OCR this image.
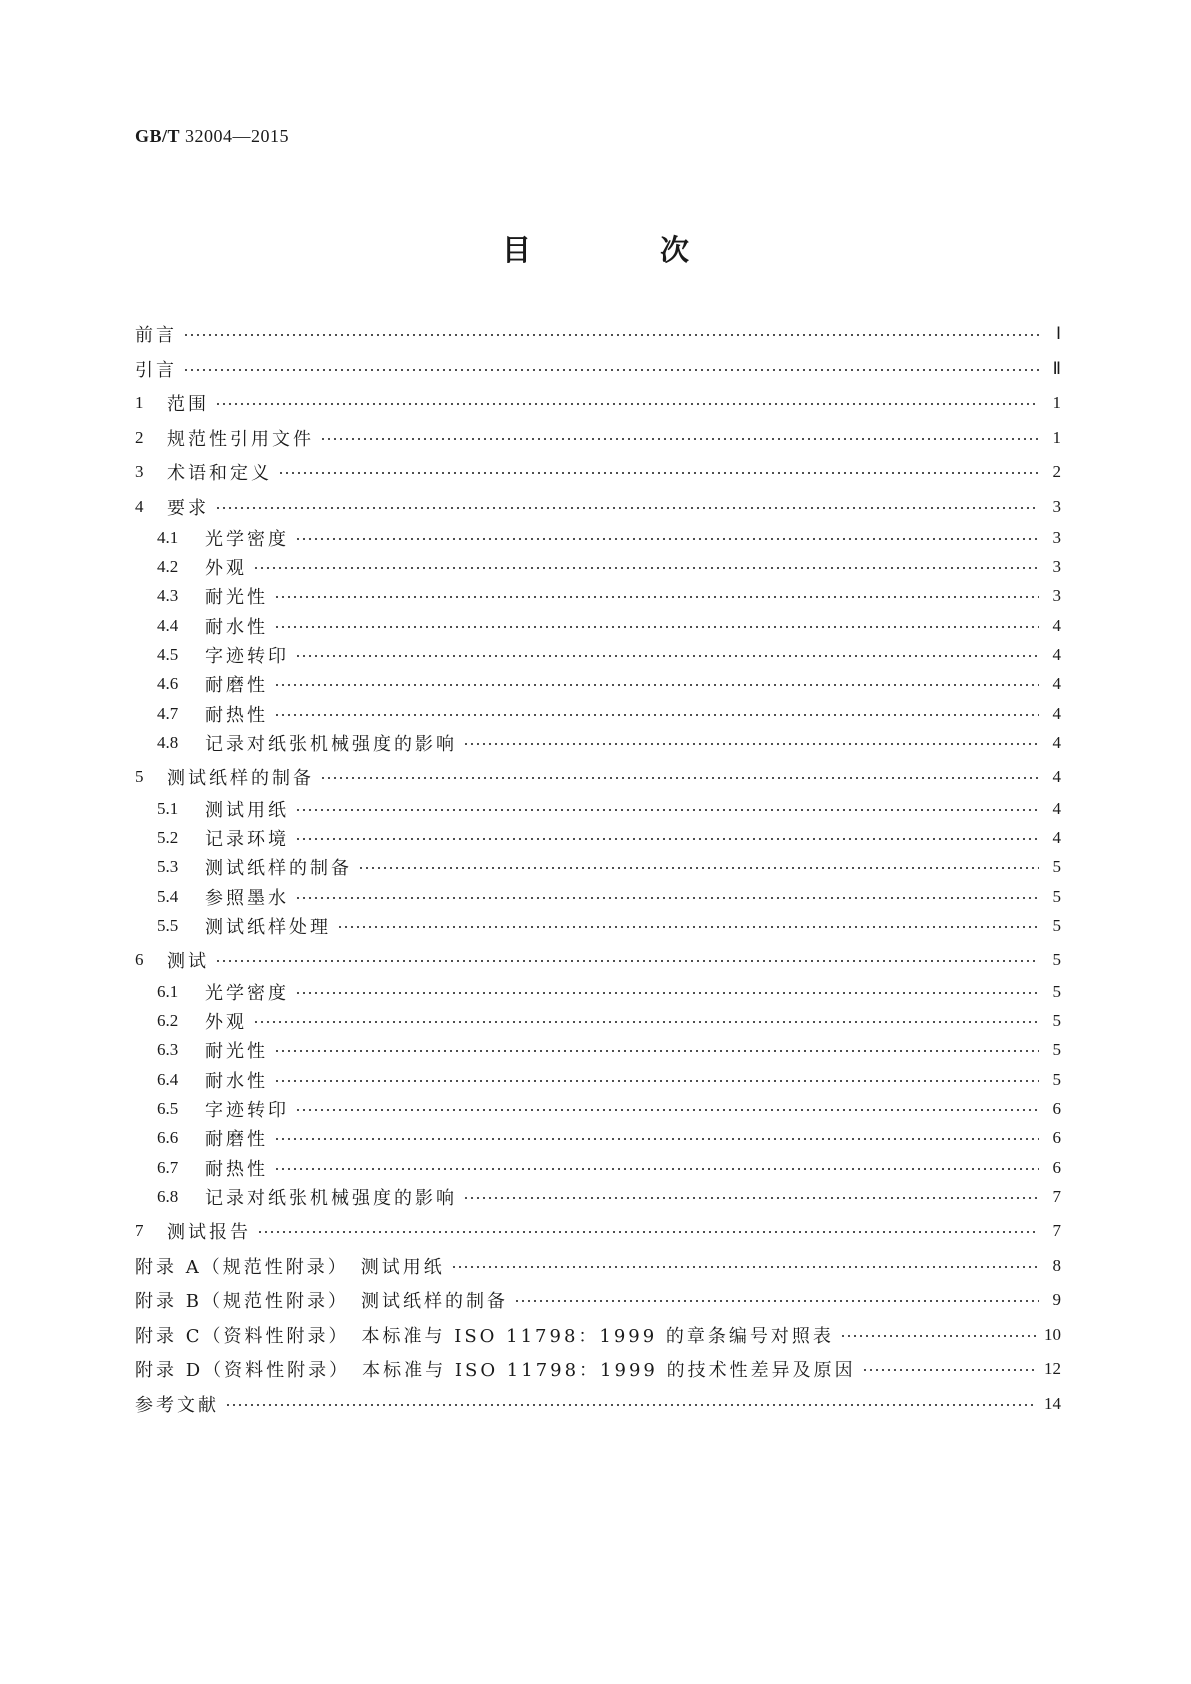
GB/T 32004—2015
目　次
前言	Ⅰ
引言	Ⅱ
1	范围	1
2	规范性引用文件	1
3	术语和定义	2
4	要求	3
4.1	光学密度	3
4.2	外观	3
4.3	耐光性	3
4.4	耐水性	4
4.5	字迹转印	4
4.6	耐磨性	4
4.7	耐热性	4
4.8	记录对纸张机械强度的影响	4
5	测试纸样的制备	4
5.1	测试用纸	4
5.2	记录环境	4
5.3	测试纸样的制备	5
5.4	参照墨水	5
5.5	测试纸样处理	5
6	测试	5
6.1	光学密度	5
6.2	外观	5
6.3	耐光性	5
6.4	耐水性	5
6.5	字迹转印	6
6.6	耐磨性	6
6.7	耐热性	6
6.8	记录对纸张机械强度的影响	7
7	测试报告	7
附录 A（规范性附录）　测试用纸	8
附录 B（规范性附录）　测试纸样的制备	9
附录 C（资料性附录）　本标准与 ISO 11798：1999 的章条编号对照表	10
附录 D（资料性附录）　本标准与 ISO 11798：1999 的技术性差异及原因	12
参考文献	14
